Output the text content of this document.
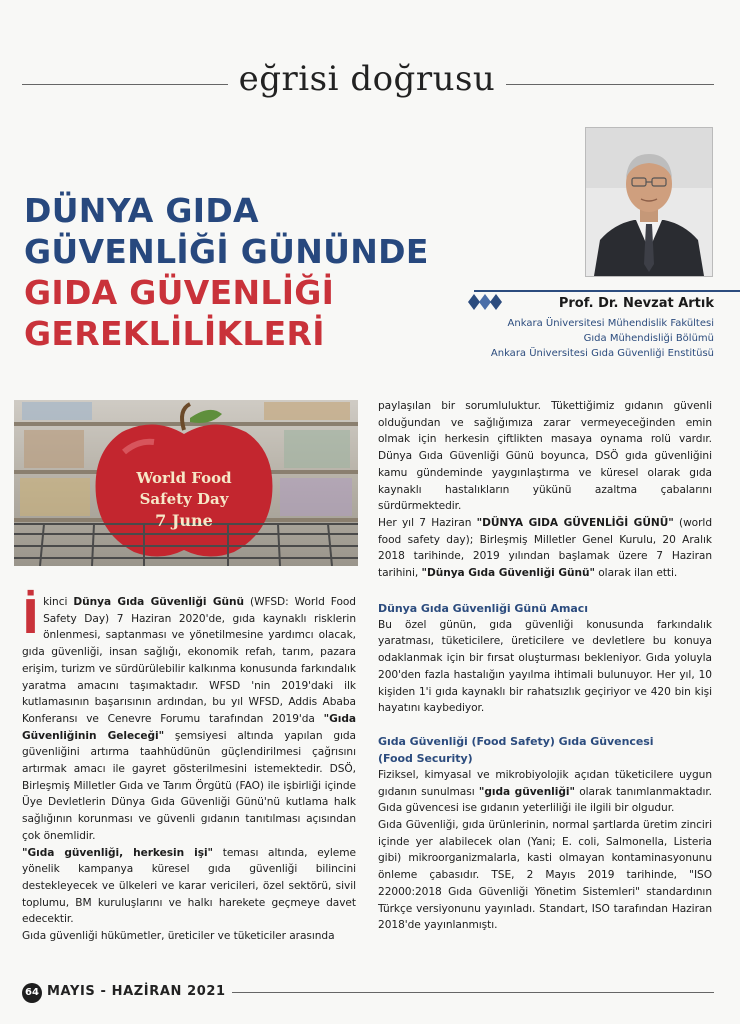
eğrisi doğrusu
DÜNYA GIDA
GÜVENLİĞİ GÜNÜNDE
GIDA GÜVENLİĞİ
GEREKLİLİKLERİ
Prof. Dr. Nevzat Artık
Ankara Üniversitesi Mühendislik Fakültesi
Gıda Mühendisliği Bölümü
Ankara Üniversitesi Gıda Güvenliği Enstitüsü
World Food
Safety Day
7 June

İkinci Dünya Gıda Güvenliği Günü (WFSD: World Food Safety Day) 7 Haziran 2020'de, gıda kaynaklı risklerin önlenmesi, saptanması ve yönetilmesine yardımcı olacak, gıda güvenliği, insan sağlığı, ekonomik refah, tarım, pazara erişim, turizm ve sürdürülebilir kalkınma konusunda farkındalık yaratma amacını taşımaktadır. WFSD 'nin 2019'daki ilk kutlamasının başarısının ardından, bu yıl WFSD, Addis Ababa Konferansı ve Cenevre Forumu tarafından 2019'da "Gıda Güvenliğinin Geleceği" şemsiyesi altında yapılan gıda güvenliğini artırma taahhüdünün güçlendirilmesi çağrısını artırmak amacı ile gayret gösterilmesini istemektedir. DSÖ, Birleşmiş Milletler Gıda ve Tarım Örgütü (FAO) ile işbirliği içinde Üye Devletlerin Dünya Gıda Güvenliği Günü'nü kutlama halk sağlığının korunması ve güvenli gıdanın tanıtılması açısından çok önemlidir.

"Gıda güvenliği, herkesin işi" teması altında, eyleme yönelik kampanya küresel gıda güvenliği bilincini destekleyecek ve ülkeleri ve karar vericileri, özel sektörü, sivil toplumu, BM kuruluşlarını ve halkı harekete geçmeye davet edecektir.

Gıda güvenliği hükümetler, üreticiler ve tüketiciler arasında

paylaşılan bir sorumluluktur. Tükettiğimiz gıdanın güvenli olduğundan ve sağlığımıza zarar vermeyeceğinden emin olmak için herkesin çiftlikten masaya oynama rolü vardır. Dünya Gıda Güvenliği Günü boyunca, DSÖ gıda güvenliğini kamu gündeminde yaygınlaştırma ve küresel olarak gıda kaynaklı hastalıkların yükünü azaltma çabalarını sürdürmektedir.

Her yıl 7 Haziran "DÜNYA GIDA GÜVENLİĞİ GÜNÜ" (world food safety day); Birleşmiş Milletler Genel Kurulu, 20 Aralık 2018 tarihinde, 2019 yılından başlamak üzere 7 Haziran tarihini, "Dünya Gıda Güvenliği Günü" olarak ilan etti.

Dünya Gıda Güvenliği Günü Amacı

Bu özel günün, gıda güvenliği konusunda farkındalık yaratması, tüketicilere, üreticilere ve devletlere bu konuya odaklanmak için bir fırsat oluşturması bekleniyor. Gıda yoluyla 200'den fazla hastalığın yayılma ihtimali bulunuyor. Her yıl, 10 kişiden 1'i gıda kaynaklı bir rahatsızlık geçiriyor ve 420 bin kişi hayatını kaybediyor.

Gıda Güvenliği (Food Safety) Gıda Güvencesi

(Food Security)

Fiziksel, kimyasal ve mikrobiyolojik açıdan tüketicilere uygun gıdanın sunulması "gıda güvenliği" olarak tanımlanmaktadır. Gıda güvencesi ise gıdanın yeterliliği ile ilgili bir olgudur.

Gıda Güvenliği, gıda ürünlerinin, normal şartlarda üretim zinciri içinde yer alabilecek olan (Yani; E. coli, Salmonella, Listeria gibi) mikroorganizmalarla, kasti olmayan kontaminasyonunu önleme çabasıdır. TSE, 2 Mayıs 2019 tarihinde, "ISO 22000:2018 Gıda Güvenliği Yönetim Sistemleri" standardının Türkçe versiyonunu yayınladı. Standart, ISO tarafından Haziran 2018'de yayınlanmıştı.

64 MAYIS - HAZİRAN 2021
